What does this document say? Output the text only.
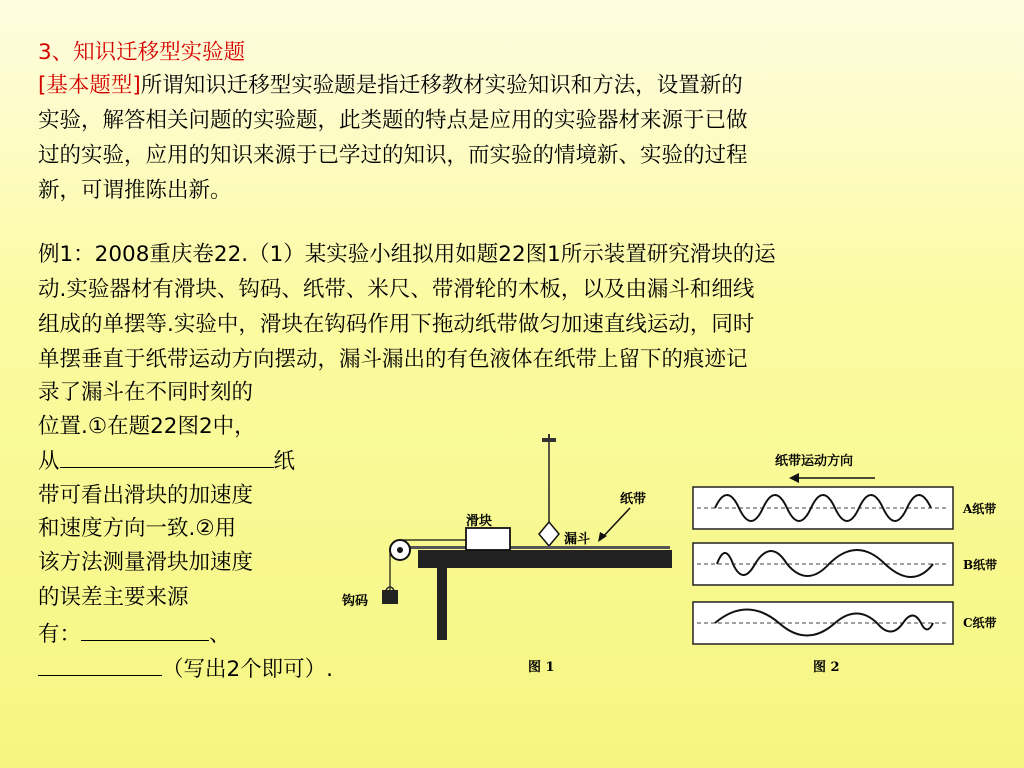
3、知识迁移型实验题
[基本题型]所谓知识迁移型实验题是指迁移教材实验知识和方法，设置新的
实验，解答相关问题的实验题，此类题的特点是应用的实验器材来源于已做
过的实验，应用的知识来源于已学过的知识，而实验的情境新、实验的过程
新，可谓推陈出新。
例1：2008重庆卷22.（1）某实验小组拟用如题22图1所示装置研究滑块的运
动.实验器材有滑块、钩码、纸带、米尺、带滑轮的木板，以及由漏斗和细线
组成的单摆等.实验中，滑块在钩码作用下拖动纸带做匀加速直线运动，同时
单摆垂直于纸带运动方向摆动，漏斗漏出的有色液体在纸带上留下的痕迹记
录了漏斗在不同时刻的
位置.①在题22图2中，
从	纸
带可看出滑块的加速度
和速度方向一致.②用
该方法测量滑块加速度
的误差主要来源
有：	、
（写出2个即可）.
滑块
纸带
漏斗
钩码
图 1
纸带运动方向
A纸带
B纸带
C纸带
图 2
